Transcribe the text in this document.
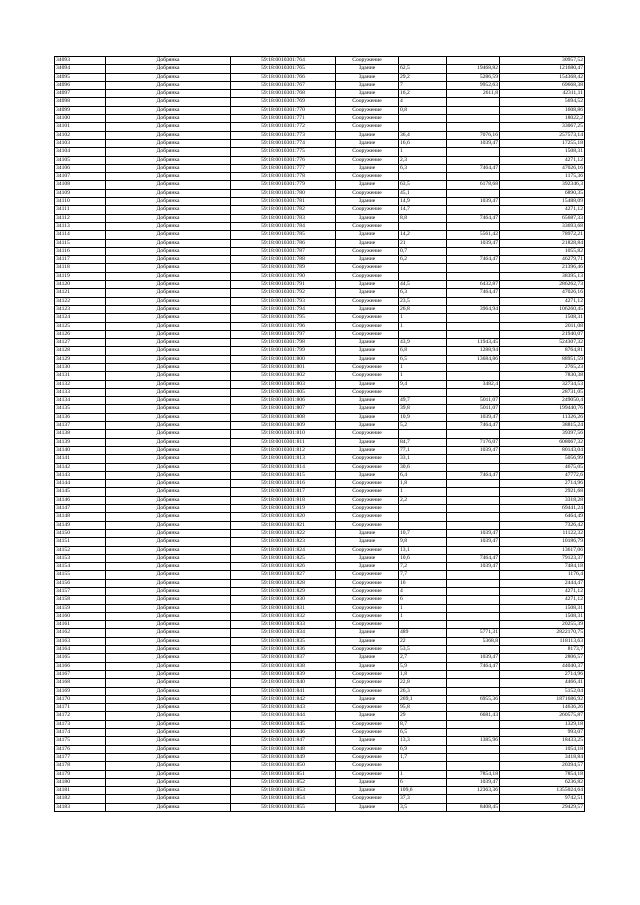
34093	Добрянка	59:18:0010301:764	Сооружение			30957,52
34094	Добрянка	59:18:0010301:765	Здание	62,5	19468,82	121680,47
34095	Добрянка	59:18:0010301:766	Здание	29,2	5286,59	154368,42
34096	Добрянка	59:18:0010301:767	Здание	7	9952,63	69668,38
34097	Добрянка	59:18:0010301:768	Здание	16,2	2611,8	42311,11
34098	Добрянка	59:18:0010301:769	Сооружение	4		5694,52
34099	Добрянка	59:18:0010301:770	Сооружение	0,8		1608,86
34100	Добрянка	59:18:0010301:771	Сооружение			18022,2
34101	Добрянка	59:18:0010301:772	Сооружение			33067,25
34102	Добрянка	59:18:0010301:773	Здание	36,4	7076,16	257573,14
34103	Добрянка	59:18:0010301:774	Здание	16,6	1039,47	17255,18
34104	Добрянка	59:18:0010301:775	Сооружение	1		1508,31
34105	Добрянка	59:18:0010301:776	Сооружение	2,3		4271,12
34106	Добрянка	59:18:0010301:777	Здание	6,3	7464,47	47026,16
34107	Добрянка	59:18:0010301:778	Сооружение			1175,36
34108	Добрянка	59:18:0010301:779	Здание	63,5	6178,68	392346,3
34109	Добрянка	59:18:0010301:780	Сооружение	45,1		6890,35
34110	Добрянка	59:18:0010301:781	Здание	14,9	1039,47	15488,09
34111	Добрянка	59:18:0010301:782	Сооружение	14,7		4271,12
34112	Добрянка	59:18:0010301:783	Здание	8,8	7464,47	65687,33
34113	Добрянка	59:18:0010301:784	Сооружение			33693,68
34114	Добрянка	59:18:0010301:785	Здание	14,2	5561,42	78972,21
34115	Добрянка	59:18:0010301:786	Здание	21	1039,47	21828,84
34116	Добрянка	59:18:0010301:787	Сооружение	0,7		1055,82
34117	Добрянка	59:18:0010301:788	Здание	6,2	7464,47	46279,71
34118	Добрянка	59:18:0010301:789	Сооружение			21396,46
34119	Добрянка	59:18:0010301:790	Сооружение			38395,13
34120	Добрянка	59:18:0010301:791	Здание	44,5	6432,87	286262,73
34121	Добрянка	59:18:0010301:792	Здание	6,3	7464,47	47026,16
34122	Добрянка	59:18:0010301:793	Сооружение	23,5		4271,12
34123	Добрянка	59:18:0010301:794	Здание	26,8	3964,94	106260,45
34124	Добрянка	59:18:0010301:795	Сооружение	1		1508,31
34125	Добрянка	59:18:0010301:796	Сооружение	1		2011,08
34126	Добрянка	59:18:0010301:797	Сооружение			21940,07
34127	Добрянка	59:18:0010301:798	Здание	43,9	11943,45	524307,32
34128	Добрянка	59:18:0010301:799	Здание	6,8	1288,94	8764,81
34129	Добрянка	59:18:0010301:800	Здание	6,5	13684,86	88951,59
34130	Добрянка	59:18:0010301:801	Сооружение	1		2765,23
34131	Добрянка	59:18:0010301:802	Сооружение	1		7830,38
34132	Добрянка	59:18:0010301:803	Здание	9,4	3482,4	32734,53
34133	Добрянка	59:18:0010301:805	Сооружение			28731,05
34134	Добрянка	59:18:0010301:806	Здание	49,7	5011,07	249050,4
34135	Добрянка	59:18:0010301:807	Здание	39,8	5011,07	199440,76
34136	Добрянка	59:18:0010301:808	Здание	10,9	1039,47	11326,26
34137	Добрянка	59:18:0010301:809	Здание	5,2	7464,47	38815,24
34138	Добрянка	59:18:0010301:810	Сооружение			39397,56
34139	Добрянка	59:18:0010301:811	Здание	84,7	7176,07	608067,32
34140	Добрянка	59:18:0010301:812	Здание	77,1	1039,47	80143,04
34141	Добрянка	59:18:0010301:813	Сооружение	33,1		5056,99
34142	Добрянка	59:18:0010301:814	Сооружение	30,6		4675,05
34143	Добрянка	59:18:0010301:815	Здание	6,4	7464,47	47772,6
34144	Добрянка	59:18:0010301:816	Сооружение	1,8		2714,96
34145	Добрянка	59:18:0010301:817	Сооружение	1		2921,68
34146	Добрянка	59:18:0010301:818	Сооружение	2,2		3318,28
34147	Добрянка	59:18:0010301:819	Сооружение			69441,24
34148	Добрянка	59:18:0010301:820	Сооружение			6464,49
34149	Добрянка	59:18:0010301:821	Сооружение			7326,42
34150	Добрянка	59:18:0010301:822	Здание	10,7	1039,47	11122,32
34151	Добрянка	59:18:0010301:823	Здание	9,8	1039,47	10186,79
34152	Добрянка	59:18:0010301:824	Сооружение	13,1		13617,06
34153	Добрянка	59:18:0010301:825	Здание	10,6	7464,47	79123,37
34154	Добрянка	59:18:0010301:826	Здание	7,2	1039,47	7484,18
34155	Добрянка	59:18:0010301:827	Сооружение	7,7		1176,4
34156	Добрянка	59:18:0010301:828	Сооружение	16		2444,47
34157	Добрянка	59:18:0010301:829	Сооружение	4		4271,12
34158	Добрянка	59:18:0010301:830	Сооружение	6		4271,12
34159	Добрянка	59:18:0010301:831	Сооружение	1		1508,31
34160	Добрянка	59:18:0010301:832	Сооружение	1		1508,31
34161	Добрянка	59:18:0010301:833	Сооружение			20255,39
34162	Добрянка	59:18:0010301:834	Здание	489	5771,31	2822170,75
34163	Добрянка	59:18:0010301:835	Здание	22	5368,8	118113,63
34164	Добрянка	59:18:0010301:836	Сооружение	53,5		8173,7
34165	Добрянка	59:18:0010301:837	Здание	2,7	1039,47	2806,57
34166	Добрянка	59:18:0010301:838	Здание	5,9	7464,47	44040,37
34167	Добрянка	59:18:0010301:839	Сооружение	1,8		2714,96
34168	Добрянка	59:18:0010301:840	Сооружение	22,8		4466,41
34169	Добрянка	59:18:0010301:841	Сооружение	26,3		5152,04
34170	Добрянка	59:18:0010301:842	Здание	269,1	6955,36	1871686,92
34171	Добрянка	59:18:0010301:843	Сооружение	95,8		14636,26
34172	Добрянка	59:18:0010301:844	Здание	29	6681,43	260575,87
34173	Добрянка	59:18:0010301:845	Сооружение	8,7		1329,18
34174	Добрянка	59:18:0010301:846	Сооружение	6,5		993,07
34175	Добрянка	59:18:0010301:847	Здание	13,3	1385,96	18433,25
34176	Добрянка	59:18:0010301:848	Сооружение	6,9		1054,18
34177	Добрянка	59:18:0010301:849	Сооружение	1,7		3418,84
34178	Добрянка	59:18:0010301:850	Сооружение			20394,57
34179	Добрянка	59:18:0010301:851	Сооружение	1	7854,18	7854,18
34180	Добрянка	59:18:0010301:852	Здание	6	1039,47	6236,82
34181	Добрянка	59:18:0010301:853	Здание	109,6	12363,36	1355024,64
34182	Добрянка	59:18:0010301:854	Сооружение	37,3		9742,51
34183	Добрянка	59:18:0010301:855	Здание	3,5	8408,45	29429,57
